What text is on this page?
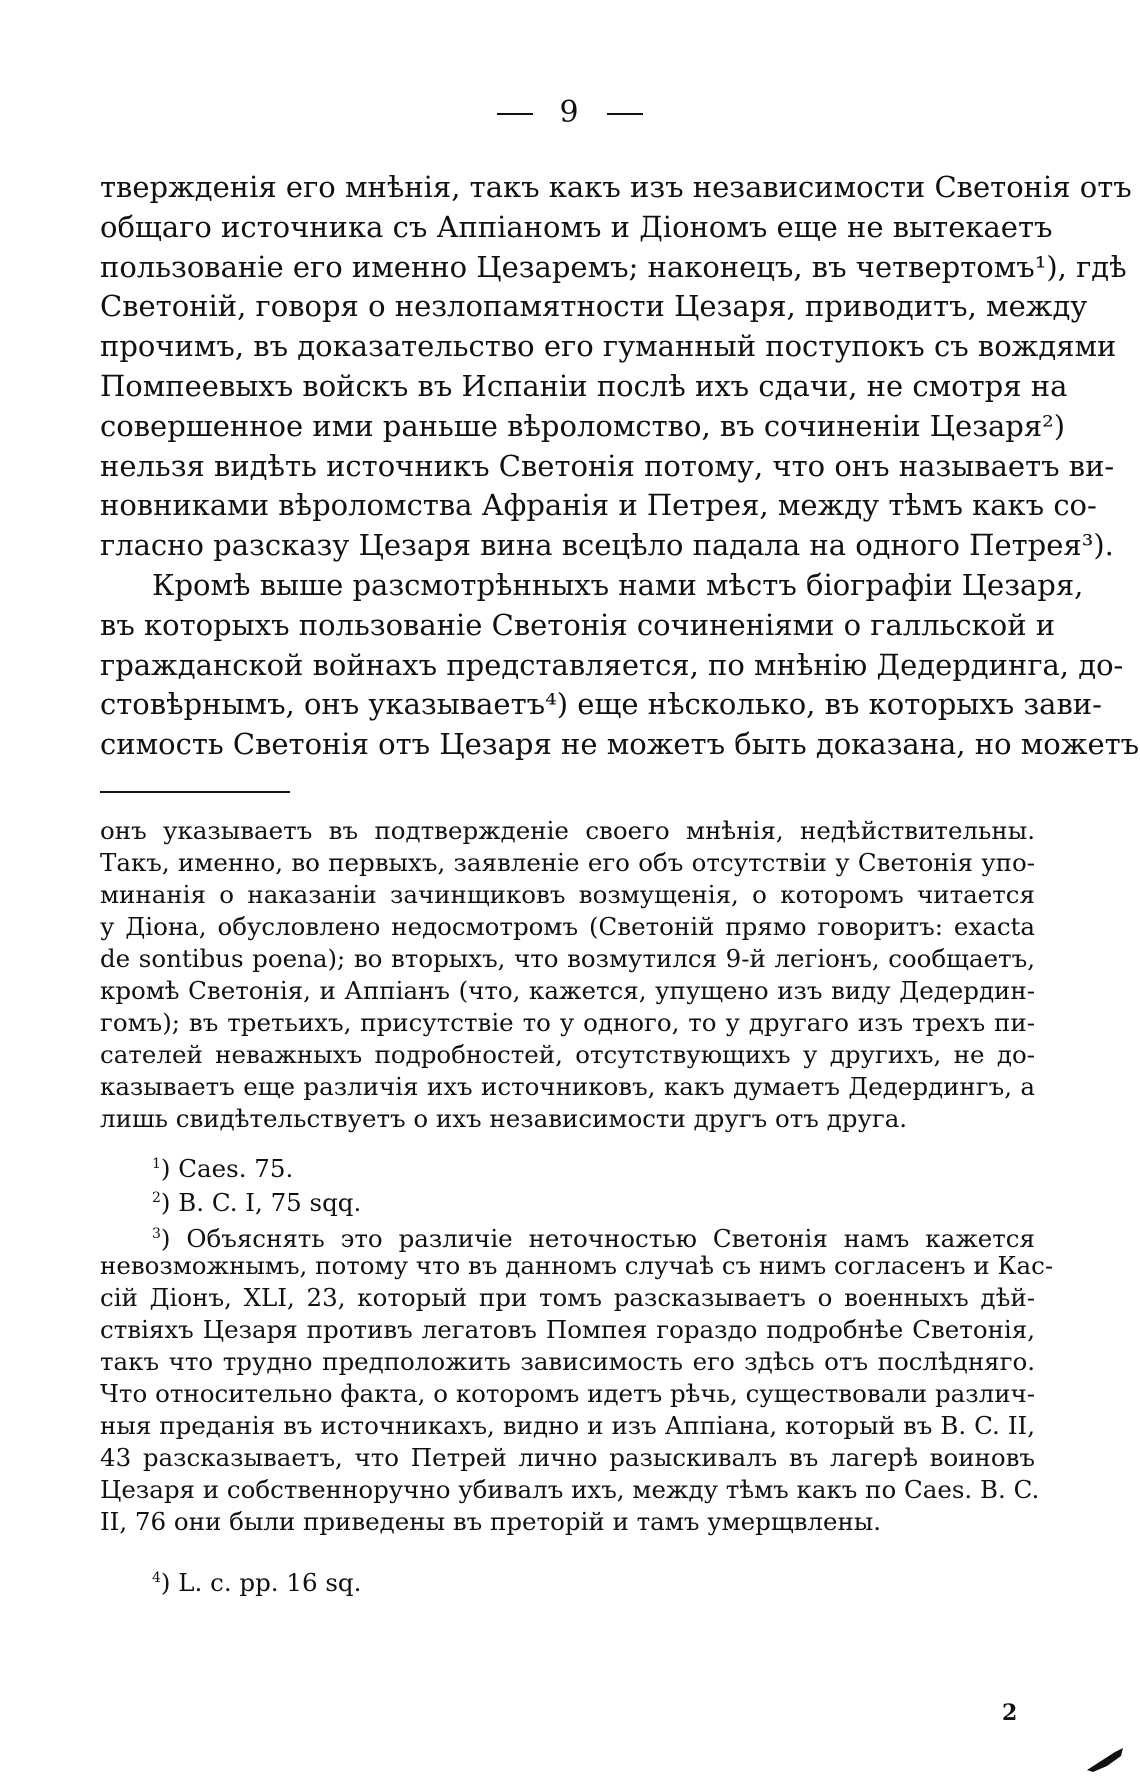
9
твержденія его мнѣнія, такъ какъ изъ независимости Светонія отъ
общаго источника съ Аппіаномъ и Діономъ еще не вытекаетъ
пользованіе его именно Цезаремъ; наконецъ, въ четвертомъ¹), гдѣ
Светоній, говоря о незлопамятности Цезаря, приводитъ, между
прочимъ, въ доказательство его гуманный поступокъ съ вождями
Помпеевыхъ войскъ въ Испаніи послѣ ихъ сдачи, не смотря на
совершенное ими раньше вѣроломство, въ сочиненіи Цезаря²)
нельзя видѣть источникъ Светонія потому, что онъ называетъ ви-
новниками вѣроломства Афранія и Петрея, между тѣмъ какъ со-
гласно разсказу Цезаря вина всецѣло падала на одного Петрея³).
Кромѣ выше разсмотрѣнныхъ нами мѣстъ біографіи Цезаря,
въ которыхъ пользованіе Светонія сочиненіями о галльской и
гражданской войнахъ представляется, по мнѣнію Дедердинга, до-
стовѣрнымъ, онъ указываетъ⁴) еще нѣсколько, въ которыхъ зави-
симость Светонія отъ Цезаря не можетъ быть доказана, но можетъ
онъ указываетъ въ подтвержденіе своего мнѣнія, недѣйствительны.
Такъ, именно, во первыхъ, заявленіе его объ отсутствіи у Светонія упо-
минанія о наказаніи зачинщиковъ возмущенія, о которомъ читается
у Діона, обусловлено недосмотромъ (Светоній прямо говоритъ: exacta
de sontibus poena); во вторыхъ, что возмутился 9-й легіонъ, сообщаетъ,
кромѣ Светонія, и Аппіанъ (что, кажется, упущено изъ виду Дедердин-
гомъ); въ третьихъ, присутствіе то у одного, то у другаго изъ трехъ пи-
сателей неважныхъ подробностей, отсутствующихъ у другихъ, не до-
казываетъ еще различія ихъ источниковъ, какъ думаетъ Дедердингъ, а
лишь свидѣтельствуетъ о ихъ независимости другъ отъ друга.
$^1$) Caes. 75.
$^2$) B. C. I, 75 sqq.
$^3$) Объяснять это различіе неточностью Светонія намъ кажется
невозможнымъ, потому что въ данномъ случаѣ съ нимъ согласенъ и Кас-
сій Діонъ, XLI, 23, который при томъ разсказываетъ о военныхъ дѣй-
ствіяхъ Цезаря противъ легатовъ Помпея гораздо подробнѣе Светонія,
такъ что трудно предположить зависимость его здѣсь отъ послѣдняго.
Что относительно факта, о которомъ идетъ рѣчь, существовали различ-
ныя преданія въ источникахъ, видно и изъ Аппіана, который въ B. C. II,
43 разсказываетъ, что Петрей лично разыскивалъ въ лагерѣ воиновъ
Цезаря и собственноручно убивалъ ихъ, между тѣмъ какъ по Caes. B. C.
II, 76 они были приведены въ преторій и тамъ умерщвлены.
$^4$) L. c. pp. 16 sq.
2
